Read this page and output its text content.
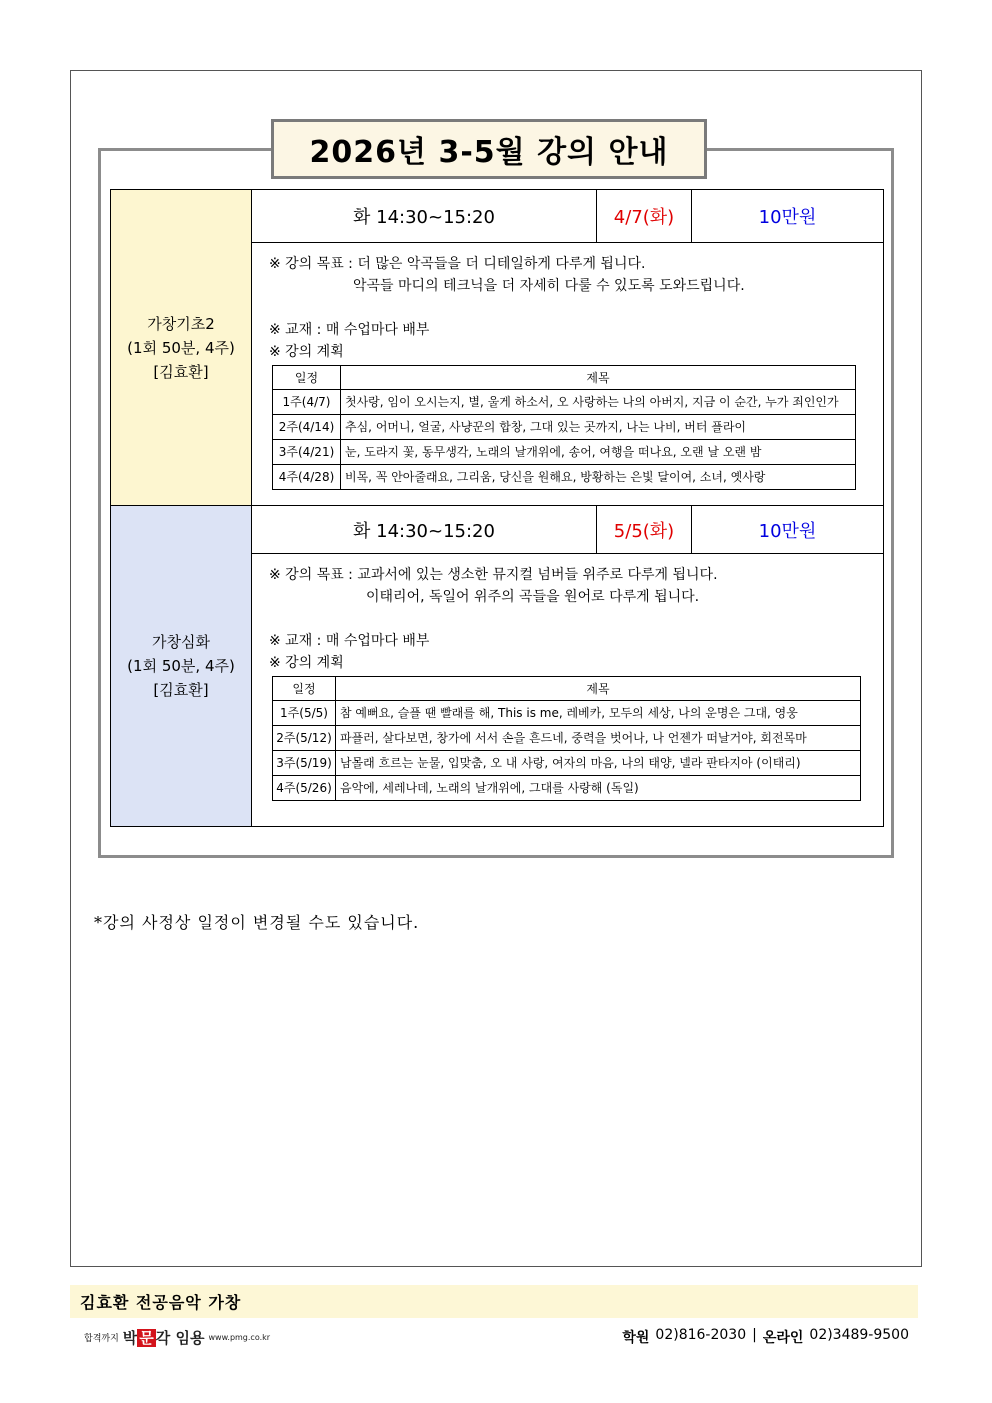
2026년 3-5월 강의 안내
가창기초2
(1회 50분, 4주)
[김효환]
화 14:30~15:20	4/7(화)	10만원
※ 강의 목표 : 더 많은 악곡들을 더 디테일하게 다루게 됩니다.
악곡들 마디의 테크닉을 더 자세히 다룰 수 있도록 도와드립니다.
※ 교재 : 매 수업마다 배부
※ 강의 계획
일정	제목
1주(4/7)	첫사랑, 임이 오시는지, 별, 울게 하소서, 오 사랑하는 나의 아버지, 지금 이 순간, 누가 죄인인가
2주(4/14)	추심, 어머니, 얼굴, 사냥꾼의 합창, 그대 있는 곳까지, 나는 나비, 버터 플라이
3주(4/21)	눈, 도라지 꽃, 동무생각, 노래의 날개위에, 송어, 여행을 떠나요, 오랜 날 오랜 밤
4주(4/28)	비목, 꼭 안아줄래요, 그리움, 당신을 원해요, 방황하는 은빛 달이여, 소녀, 옛사랑
가창심화
(1회 50분, 4주)
[김효환]
화 14:30~15:20	5/5(화)	10만원
※ 강의 목표 : 교과서에 있는 생소한 뮤지컬 넘버들 위주로 다루게 됩니다.
이태리어, 독일어 위주의 곡들을 원어로 다루게 됩니다.
※ 교재 : 매 수업마다 배부
※ 강의 계획
일정	제목
1주(5/5)	참 예뻐요, 슬플 땐 빨래를 해, This is me, 레베카, 모두의 세상, 나의 운명은 그대, 영웅
2주(5/12)	파플러, 살다보면, 창가에 서서 손을 흔드네, 중력을 벗어나, 나 언젠가 떠날거야, 회전목마
3주(5/19)	남몰래 흐르는 눈물, 입맞춤, 오 내 사랑, 여자의 마음, 나의 태양, 넬라 판타지아 (이태리)
4주(5/26)	음악에, 세레나데, 노래의 날개위에, 그대를 사랑해 (독일)
*강의 사정상 일정이 변경될 수도 있습니다.
김효환 전공음악 가창
합격까지 박 문 각 임용 www.pmg.co.kr	학원 02)816-2030 | 온라인 02)3489-9500
